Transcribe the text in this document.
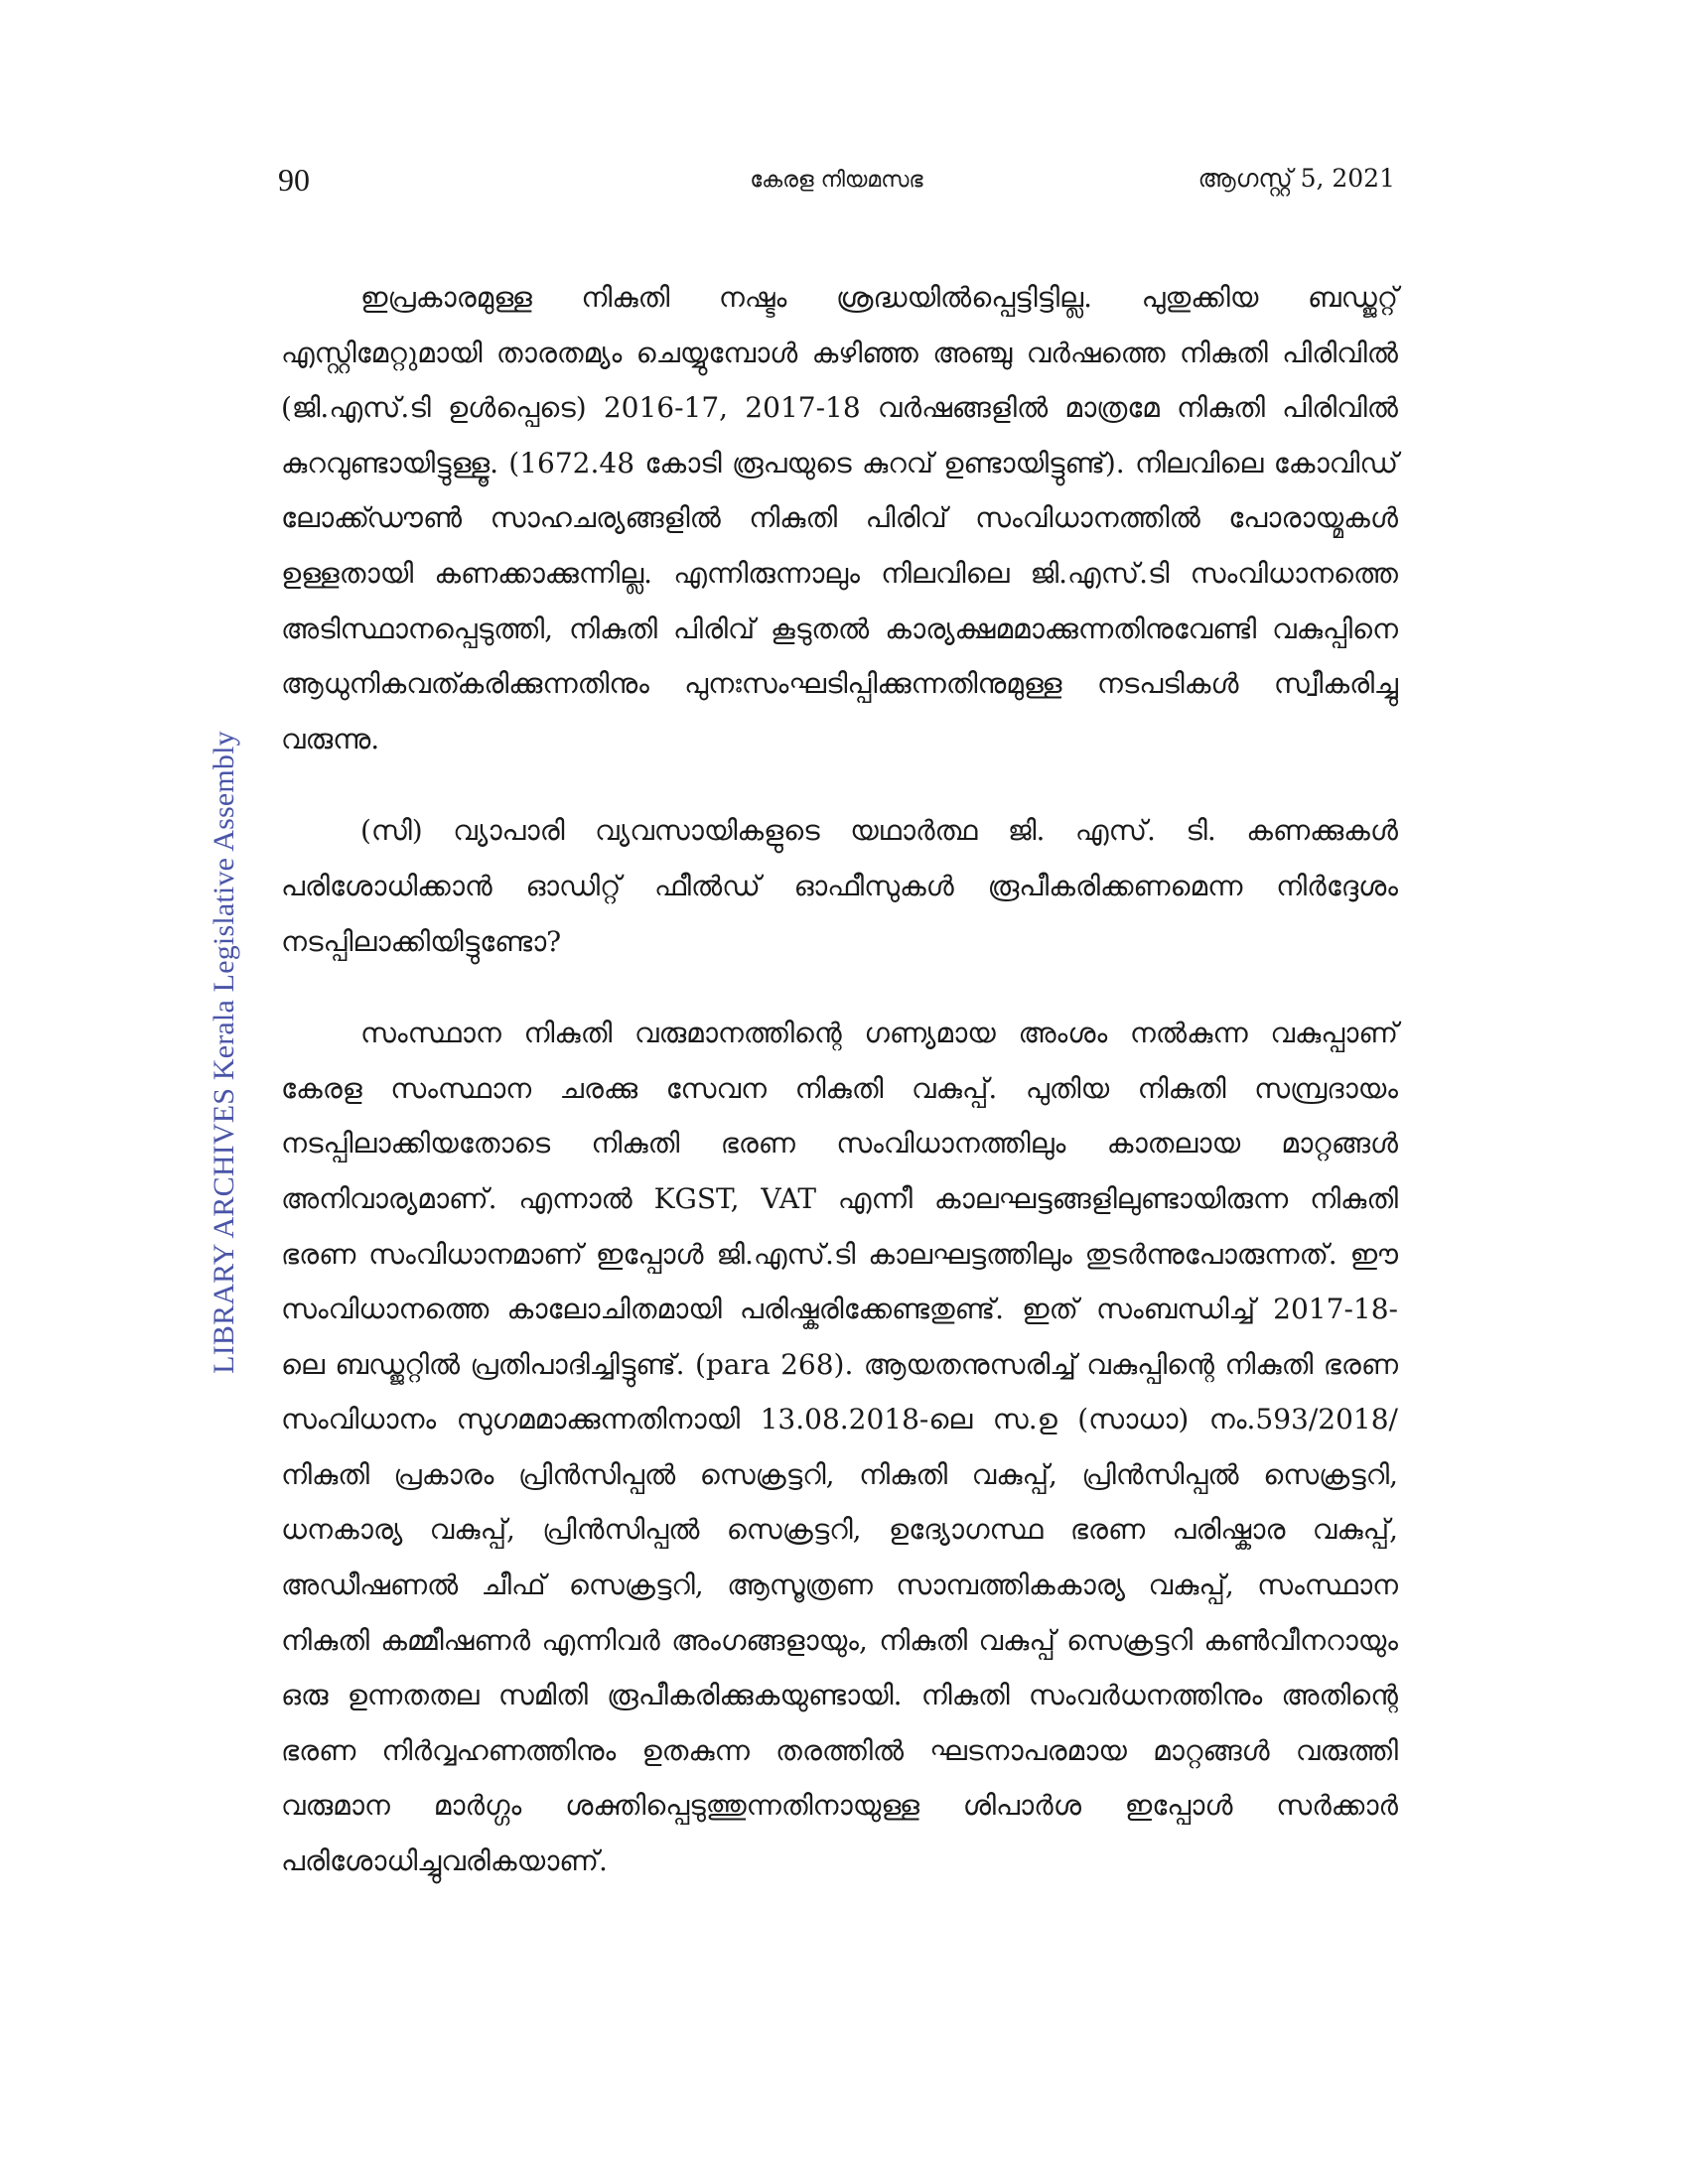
90	കേരള നിയമസഭ	ആഗസ്റ്റ് 5, 2021
LIBRARY ARCHIVES Kerala Legislative Assembly

ഇപ്രകാരമുള്ള നികുതി നഷ്ടം ശ്രദ്ധയിൽപ്പെട്ടിട്ടില്ല. പുതുക്കിയ ബഡ്ജറ്റ് എസ്റ്റിമേറ്റുമായി താരതമ്യം ചെയ്യുമ്പോൾ കഴിഞ്ഞ അഞ്ചു വർഷത്തെ നികുതി പിരിവിൽ (ജി.എസ്.ടി ഉൾപ്പെടെ) 2016-17, 2017-18 വർഷങ്ങളിൽ മാത്രമേ നികുതി പിരിവിൽ കുറവുണ്ടായിട്ടുള്ളൂ. (1672.48 കോടി രൂപയുടെ കുറവ് ഉണ്ടായിട്ടുണ്ട്). നിലവിലെ കോവിഡ് ലോക്ക്ഡൗൺ സാഹചര്യങ്ങളിൽ നികുതി പിരിവ് സംവിധാനത്തിൽ പോരായ്മകൾ ഉള്ളതായി കണക്കാക്കുന്നില്ല. എന്നിരുന്നാലും നിലവിലെ ജി.എസ്.ടി സംവിധാനത്തെ അടിസ്ഥാനപ്പെടുത്തി, നികുതി പിരിവ് കൂടുതൽ കാര്യക്ഷമമാക്കുന്നതിനുവേണ്ടി വകുപ്പിനെ ആധുനികവത്കരിക്കുന്നതിനും പുനഃസംഘടിപ്പിക്കുന്നതിനുമുള്ള നടപടികൾ സ്വീകരിച്ചു വരുന്നു.

(സി) വ്യാപാരി വ്യവസായികളുടെ യഥാർത്ഥ ജി. എസ്. ടി. കണക്കുകൾ പരിശോധിക്കാൻ ഓഡിറ്റ് ഫീൽഡ് ഓഫീസുകൾ രൂപീകരിക്കണമെന്ന നിർദ്ദേശം നടപ്പിലാക്കിയിട്ടുണ്ടോ?

സംസ്ഥാന നികുതി വരുമാനത്തിന്റെ ഗണ്യമായ അംശം നൽകുന്ന വകുപ്പാണ് കേരള സംസ്ഥാന ചരക്കു സേവന നികുതി വകുപ്പ്. പുതിയ നികുതി സമ്പ്രദായം നടപ്പിലാക്കിയതോടെ നികുതി ഭരണ സംവിധാനത്തിലും കാതലായ മാറ്റങ്ങൾ അനിവാര്യമാണ്. എന്നാൽ KGST, VAT എന്നീ കാലഘട്ടങ്ങളിലുണ്ടായിരുന്ന നികുതി ഭരണ സംവിധാനമാണ് ഇപ്പോൾ ജി.എസ്.ടി കാലഘട്ടത്തിലും തുടർന്നുപോരുന്നത്. ഈ സംവിധാനത്തെ കാലോചിതമായി പരിഷ്കരിക്കേണ്ടതുണ്ട്. ഇത് സംബന്ധിച്ച് 2017-18-ലെ ബഡ്ജറ്റിൽ പ്രതിപാദിച്ചിട്ടുണ്ട്. (para 268). ആയതനുസരിച്ച് വകുപ്പിന്റെ നികുതി ഭരണ സംവിധാനം സുഗമമാക്കുന്നതിനായി 13.08.2018-ലെ സ.ഉ (സാധാ) നം.593/2018/നികുതി പ്രകാരം പ്രിൻസിപ്പൽ സെക്രട്ടറി, നികുതി വകുപ്പ്, പ്രിൻസിപ്പൽ സെക്രട്ടറി, ധനകാര്യ വകുപ്പ്, പ്രിൻസിപ്പൽ സെക്രട്ടറി, ഉദ്യോഗസ്ഥ ഭരണ പരിഷ്കാര വകുപ്പ്, അഡീഷണൽ ചീഫ് സെക്രട്ടറി, ആസൂത്രണ സാമ്പത്തികകാര്യ വകുപ്പ്, സംസ്ഥാന നികുതി കമ്മീഷണർ എന്നിവർ അംഗങ്ങളായും, നികുതി വകുപ്പ് സെക്രട്ടറി കൺവീനറായും ഒരു ഉന്നതതല സമിതി രൂപീകരിക്കുകയുണ്ടായി. നികുതി സംവർധനത്തിനും അതിന്റെ ഭരണ നിർവ്വഹണത്തിനും ഉതകുന്ന തരത്തിൽ ഘടനാപരമായ മാറ്റങ്ങൾ വരുത്തി വരുമാന മാർഗ്ഗം ശക്തിപ്പെടുത്തുന്നതിനായുള്ള ശിപാർശ ഇപ്പോൾ സർക്കാർ പരിശോധിച്ചുവരികയാണ്.
